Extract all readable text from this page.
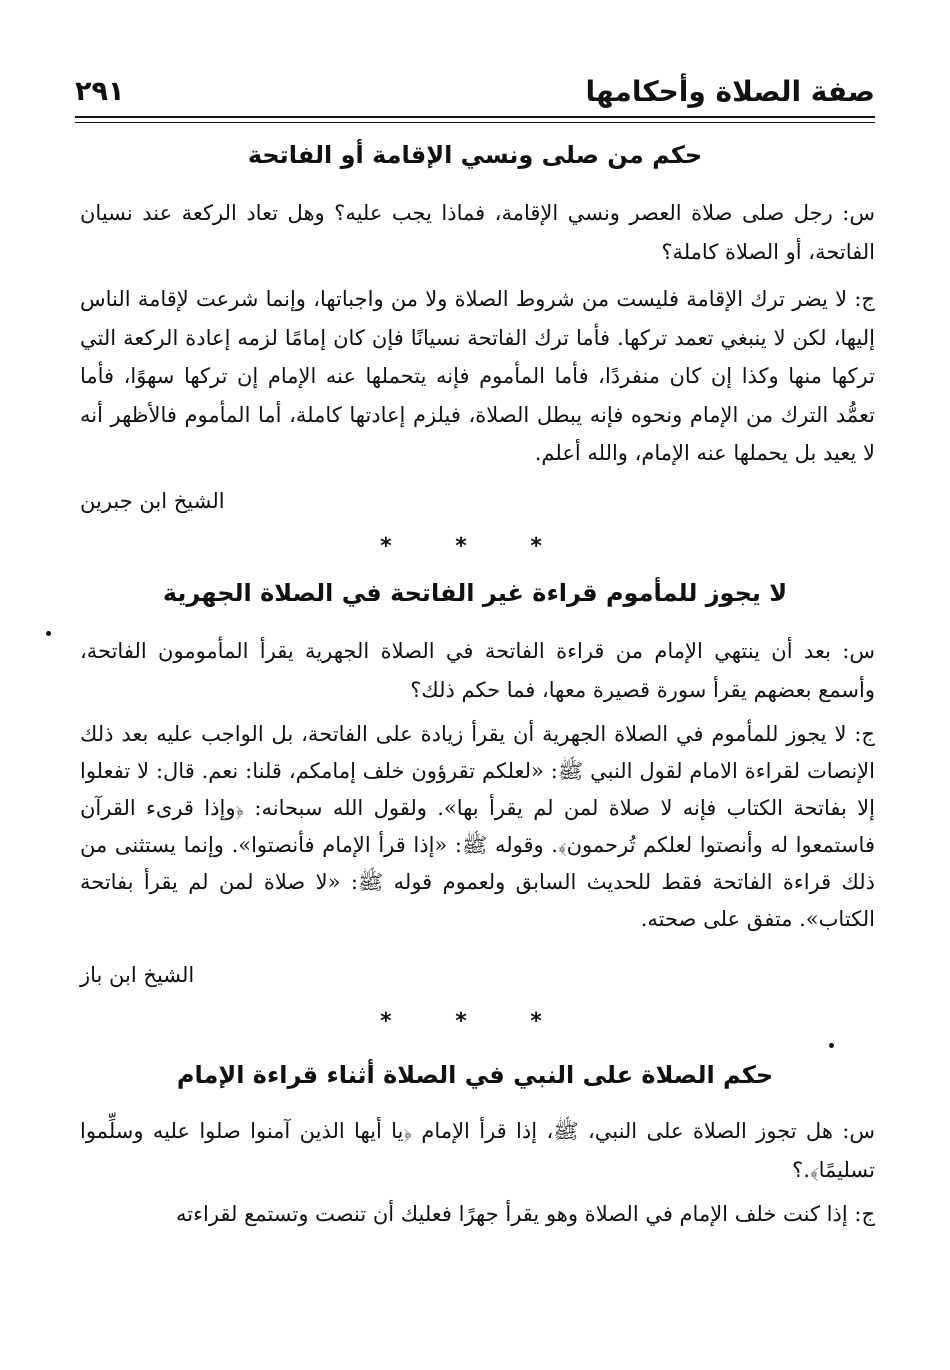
صفة الصلاة وأحكامها
٢٩١
حكم من صلى ونسي الإقامة أو الفاتحة
س: رجل صلى صلاة العصر ونسي الإقامة، فماذا يجب عليه؟ وهل تعاد الركعة عند نسيان الفاتحة، أو الصلاة كاملة؟
ج: لا يضر ترك الإقامة فليست من شروط الصلاة ولا من واجباتها، وإنما شرعت لإقامة الناس إليها، لكن لا ينبغي تعمد تركها. فأما ترك الفاتحة نسيانًا فإن كان إمامًا لزمه إعادة الركعة التي تركها منها وكذا إن كان منفردًا، فأما المأموم فإنه يتحملها عنه الإمام إن تركها سهوًا، فأما تعمُّد الترك من الإمام ونحوه فإنه يبطل الصلاة، فيلزم إعادتها كاملة، أما المأموم فالأظهر أنه لا يعيد بل يحملها عنه الإمام، والله أعلم.
الشيخ ابن جبرين
* * *
لا يجوز للمأموم قراءة غير الفاتحة في الصلاة الجهرية
س: بعد أن ينتهي الإمام من قراءة الفاتحة في الصلاة الجهرية يقرأ المأمومون الفاتحة، وأسمع بعضهم يقرأ سورة قصيرة معها، فما حكم ذلك؟
ج: لا يجوز للمأموم في الصلاة الجهرية أن يقرأ زيادة على الفاتحة، بل الواجب عليه بعد ذلك الإنصات لقراءة الامام لقول النبي ﷺ: «لعلكم تقرؤون خلف إمامكم، قلنا: نعم. قال: لا تفعلوا إلا بفاتحة الكتاب فإنه لا صلاة لمن لم يقرأ بها». ولقول الله سبحانه: ﴿وإذا قرىء القرآن فاستمعوا له وأنصتوا لعلكم تُرحمون﴾. وقوله ﷺ: «إذا قرأ الإمام فأنصتوا». وإنما يستثنى من ذلك قراءة الفاتحة فقط للحديث السابق ولعموم قوله ﷺ: «لا صلاة لمن لم يقرأ بفاتحة الكتاب». متفق على صحته.
الشيخ ابن باز
* * *
حكم الصلاة على النبي في الصلاة أثناء قراءة الإمام
س: هل تجوز الصلاة على النبي، ﷺ، إذا قرأ الإمام ﴿يا أيها الذين آمنوا صلوا عليه وسلِّموا تسليمًا﴾.؟
ج: إذا كنت خلف الإمام في الصلاة وهو يقرأ جهرًا فعليك أن تنصت وتستمع لقراءته
